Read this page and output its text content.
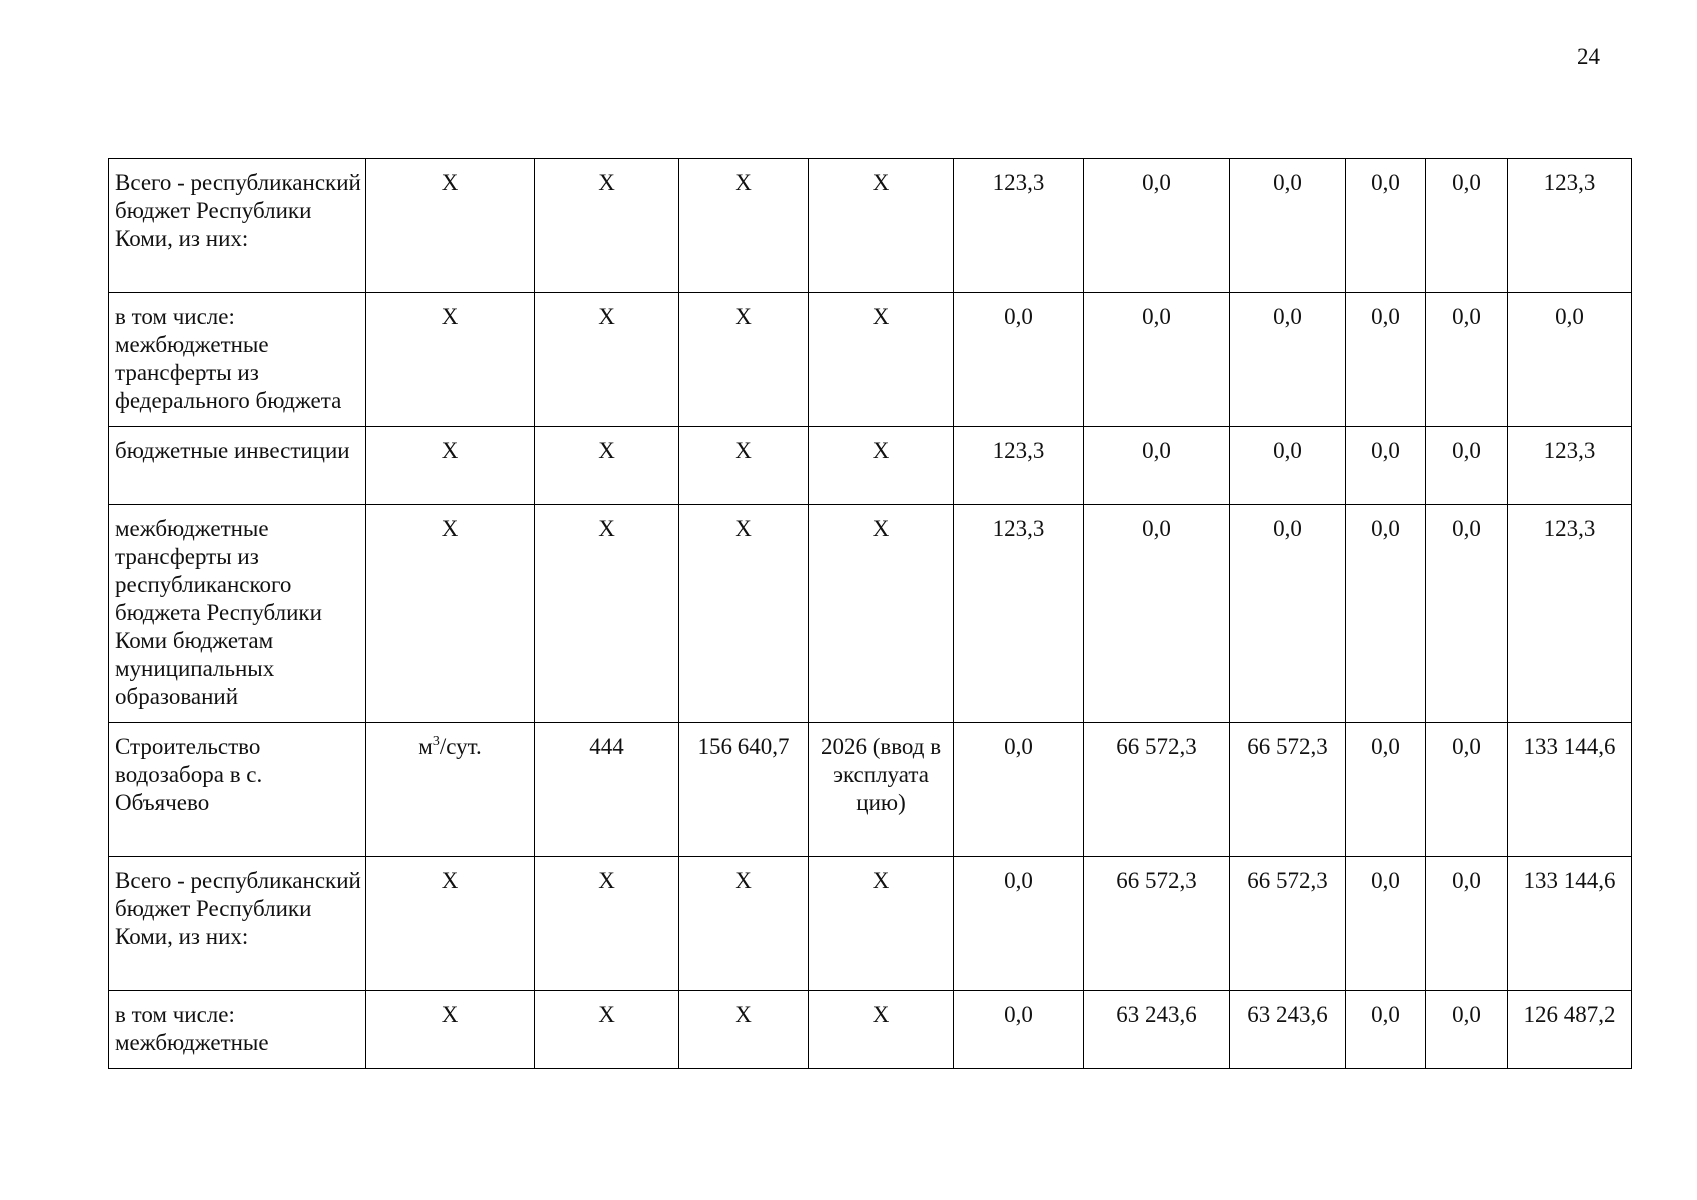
24
Всего - республиканский бюджет Республики Коми, из них:	X	X	X	X	123,3	0,0	0,0	0,0	0,0	123,3
в том числе: межбюджетные трансферты из федерального бюджета	X	X	X	X	0,0	0,0	0,0	0,0	0,0	0,0
бюджетные инвестиции	X	X	X	X	123,3	0,0	0,0	0,0	0,0	123,3
межбюджетные трансферты из республиканского бюджета Республики Коми бюджетам муниципальных образований	X	X	X	X	123,3	0,0	0,0	0,0	0,0	123,3
Строительство водозабора в с. Объячево	$м^3$/сут.	444	156 640,7	2026 (ввод в эксплуата цию)	0,0	66 572,3	66 572,3	0,0	0,0	133 144,6
Всего - республиканский бюджет Республики Коми, из них:	X	X	X	X	0,0	66 572,3	66 572,3	0,0	0,0	133 144,6
в том числе: межбюджетные	X	X	X	X	0,0	63 243,6	63 243,6	0,0	0,0	126 487,2
